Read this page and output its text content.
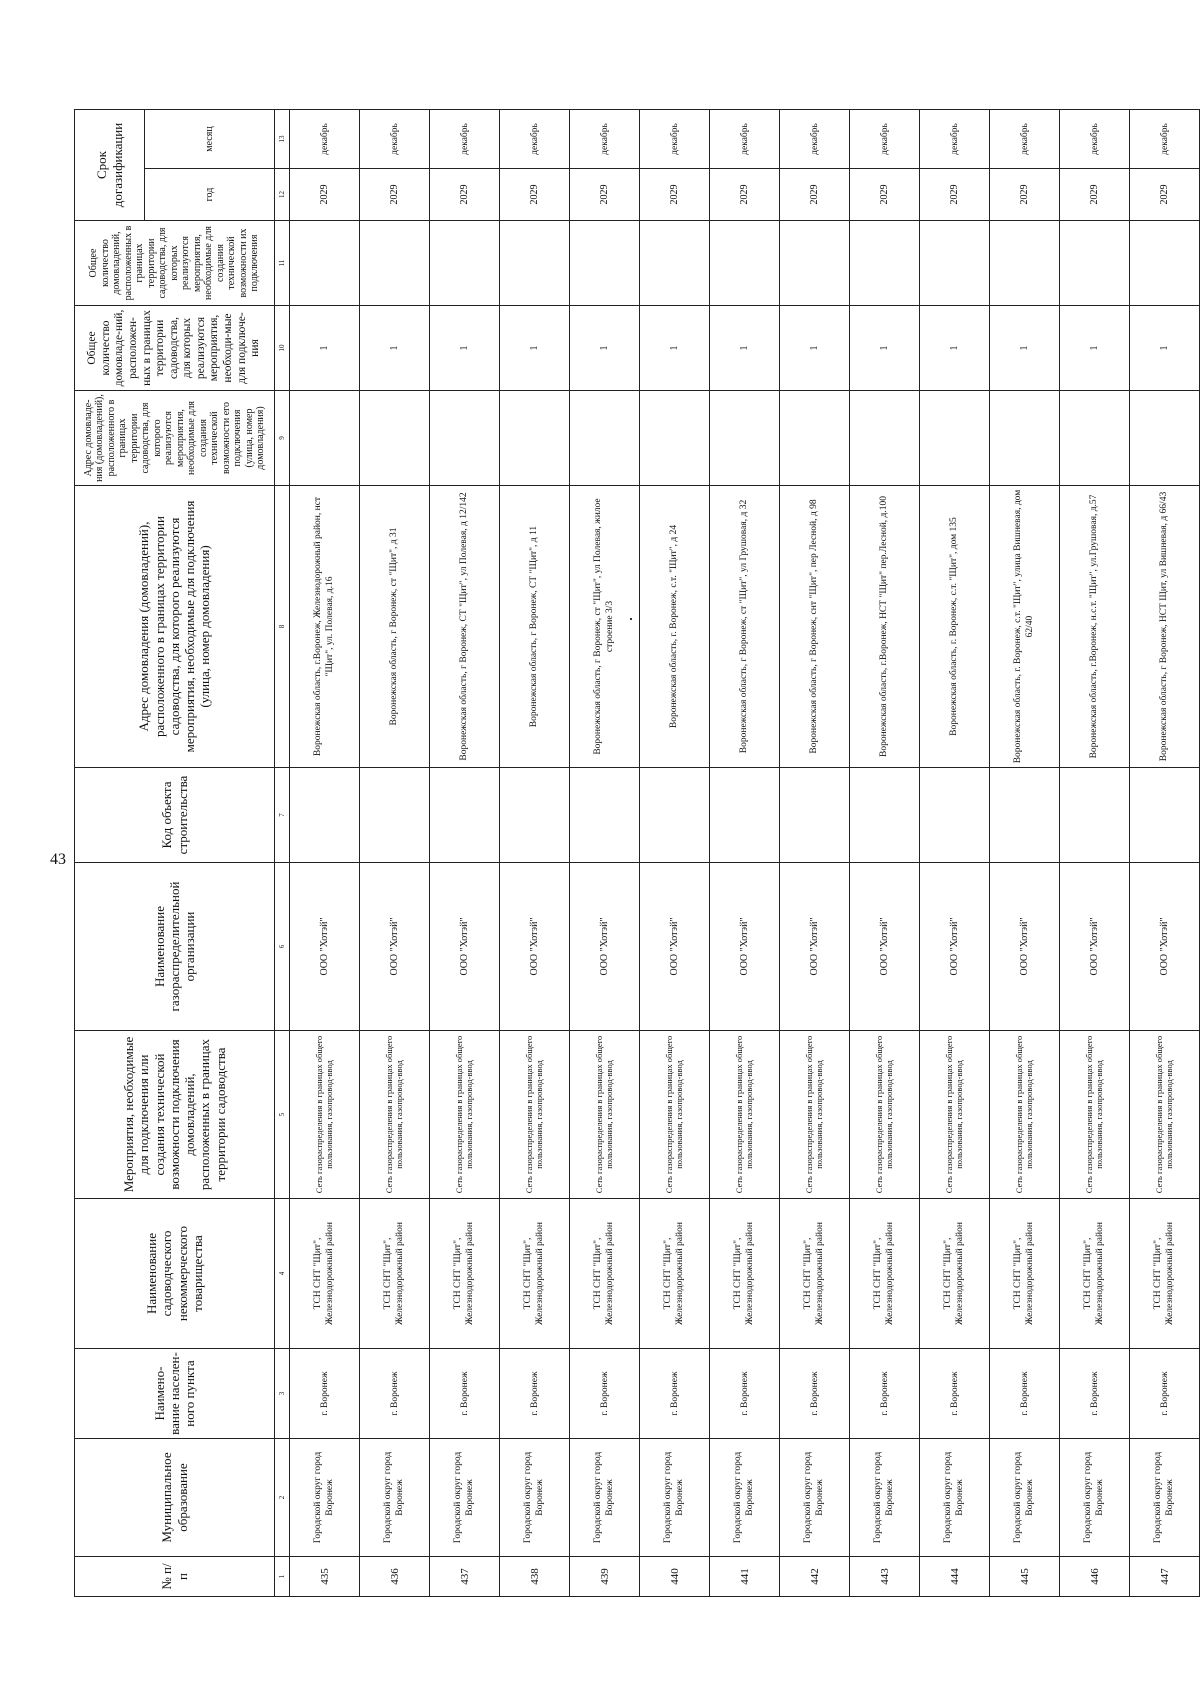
43
№ п/п	Муниципальное образование	Наимено-вание населен-ного пункта	Наименование садоводческого некоммерческого товарищества	Мероприятия, необходимые для подключения или создания технической возможности подключения домовладений, расположенных в границах территории садоводства	Наименование газораспределительной организации	Код объекта строительства	Адрес домовладения (домовладений), расположенного в границах территории садоводства, для которого реализуются мероприятия, необходимые для подключения (улица, номер домовладения)	Адрес домовладе-ния (домовладений), расположенного в границах территории садоводства, для которого реализуются мероприятия, необходимые для создания технической возможности его подключения (улица, номер домовладения)	Общее количество домовладе-ний, расположен-ных в границах территории садоводства, для которых реализуются мероприятия, необходи-мые для подключе-ния	Общее количество домовладений, расположенных в границах территории садоводства, для которых реализуются мероприятия, необходимые для создания технической возможности их подключения	Срок догазификации	
											год	месяц
1	2	3	4	5	6	7	8	9	10	11	12	13
435	Городской округ город Воронеж	г. Воронеж	ТСН СНТ "Щит", Железнодорожный район	Сеть газораспределения в границах общего пользования, газопровод-ввод	ООО "Хотэй"		Воронежская область, г.Воронеж, Железнодорожный район, нст "Щит", ул. Полевая, д.16		1		2029	декабрь
436	Городской округ город Воронеж	г. Воронеж	ТСН СНТ "Щит", Железнодорожный район	Сеть газораспределения в границах общего пользования, газопровод-ввод	ООО "Хотэй"		Воронежская область, г Воронеж, ст "Щит", д 31		1		2029	декабрь
437	Городской округ город Воронеж	г. Воронеж	ТСН СНТ "Щит", Железнодорожный район	Сеть газораспределения в границах общего пользования, газопровод-ввод	ООО "Хотэй"		Воронежская область, г Воронеж, СТ "Щит", ул Полевая, д 12/142		1		2029	декабрь
438	Городской округ город Воронеж	г. Воронеж	ТСН СНТ "Щит", Железнодорожный район	Сеть газораспределения в границах общего пользования, газопровод-ввод	ООО "Хотэй"		Воронежская область, г Воронеж, СТ "Щит", д 11		1		2029	декабрь
439	Городской округ город Воронеж	г. Воронеж	ТСН СНТ "Щит", Железнодорожный район	Сеть газораспределения в границах общего пользования, газопровод-ввод	ООО "Хотэй"		Воронежская область, г Воронеж, ст "Щит", ул Полевая, жилое строение 3/3		1		2029	декабрь
440	Городской округ город Воронеж	г. Воронеж	ТСН СНТ "Щит", Железнодорожный район	Сеть газораспределения в границах общего пользования, газопровод-ввод	ООО "Хотэй"		Воронежская область, г. Воронеж, с.т. "Щит", д 24		1		2029	декабрь
441	Городской округ город Воронеж	г. Воронеж	ТСН СНТ "Щит", Железнодорожный район	Сеть газораспределения в границах общего пользования, газопровод-ввод	ООО "Хотэй"		Воронежская область, г Воронеж, ст "Щит", ул Грушовая, д 32		1		2029	декабрь
442	Городской округ город Воронеж	г. Воронеж	ТСН СНТ "Щит", Железнодорожный район	Сеть газораспределения в границах общего пользования, газопровод-ввод	ООО "Хотэй"		Воронежская область, г Воронеж, снт "Щит", пер Лесной, д 98		1		2029	декабрь
443	Городской округ город Воронеж	г. Воронеж	ТСН СНТ "Щит", Железнодорожный район	Сеть газораспределения в границах общего пользования, газопровод-ввод	ООО "Хотэй"		Воронежская область, г.Воронеж, НСТ "Щит" пер.Лесной, д.100		1		2029	декабрь
444	Городской округ город Воронеж	г. Воронеж	ТСН СНТ "Щит", Железнодорожный район	Сеть газораспределения в границах общего пользования, газопровод-ввод	ООО "Хотэй"		Воронежская область, г. Воронеж, с.т. "Щит", дом 135		1		2029	декабрь
445	Городской округ город Воронеж	г. Воронеж	ТСН СНТ "Щит", Железнодорожный район	Сеть газораспределения в границах общего пользования, газопровод-ввод	ООО "Хотэй"		Воронежская область, г. Воронеж, с.т. "Щит", улица Вишневая, дом 62/40		1		2029	декабрь
446	Городской округ город Воронеж	г. Воронеж	ТСН СНТ "Щит", Железнодорожный район	Сеть газораспределения в границах общего пользования, газопровод-ввод	ООО "Хотэй"		Воронежская область, г.Воронеж, н.с.т. "Щит", ул.Грушовая, д.57		1		2029	декабрь
447	Городской округ город Воронеж	г. Воронеж	ТСН СНТ "Щит", Железнодорожный район	Сеть газораспределения в границах общего пользования, газопровод-ввод	ООО "Хотэй"		Воронежская область, г Воронеж, НСТ Щит, ул Вишневая, д 66/43		1		2029	декабрь
